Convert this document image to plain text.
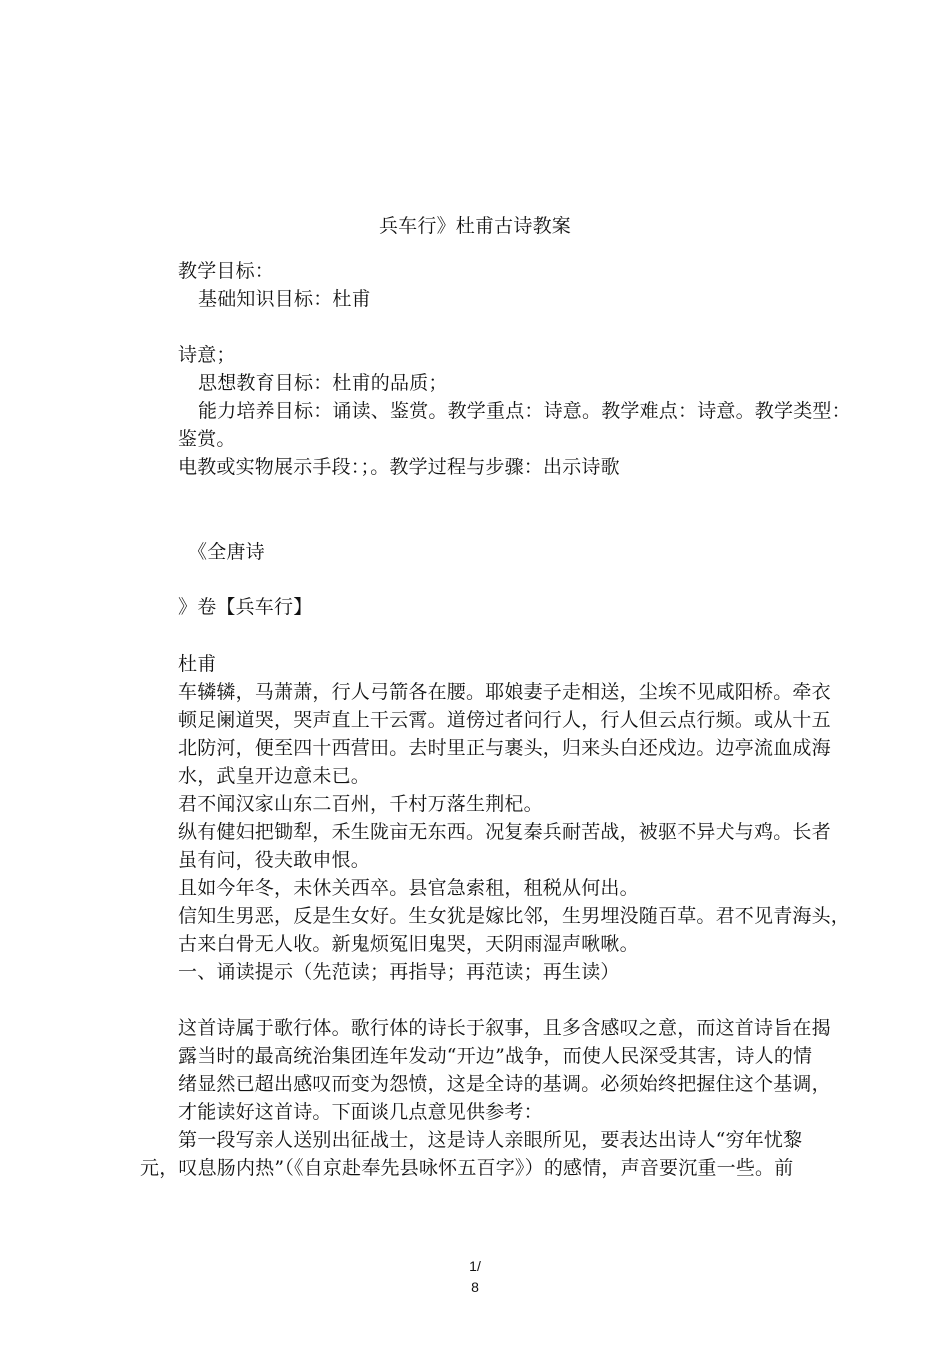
兵车行》杜甫古诗教案
教学目标：
基础知识目标：杜甫
诗意；
思想教育目标：杜甫的品质；
能力培养目标：诵读、鉴赏。教学重点：诗意。教学难点：诗意。教学类型：
鉴赏。
电教或实物展示手段：；。教学过程与步骤：出示诗歌
《全唐诗
》卷【兵车行】
杜甫
车辚辚，马萧萧，行人弓箭各在腰。耶娘妻子走相送，尘埃不见咸阳桥。牵衣
顿足阑道哭，哭声直上干云霄。道傍过者问行人，行人但云点行频。或从十五
北防河，便至四十西营田。去时里正与裹头，归来头白还戍边。边亭流血成海
水，武皇开边意未已。
君不闻汉家山东二百州，千村万落生荆杞。
纵有健妇把锄犁，禾生陇亩无东西。况复秦兵耐苦战，被驱不异犬与鸡。长者
虽有问，役夫敢申恨。
且如今年冬，未休关西卒。县官急索租，租税从何出。
信知生男恶，反是生女好。生女犹是嫁比邻，生男埋没随百草。君不见青海头，
古来白骨无人收。新鬼烦冤旧鬼哭，天阴雨湿声啾啾。
一、诵读提示（先范读；再指导；再范读；再生读）
这首诗属于歌行体。歌行体的诗长于叙事，且多含感叹之意，而这首诗旨在揭
露当时的最高统治集团连年发动“开边”战争，而使人民深受其害，诗人的情
绪显然已超出感叹而变为怨愤，这是全诗的基调。必须始终把握住这个基调，
才能读好这首诗。下面谈几点意见供参考：
第一段写亲人送别出征战士，这是诗人亲眼所见，要表达出诗人“穷年忧黎
元，叹息肠内热”（《自京赴奉先县咏怀五百字》）的感情，声音要沉重一些。前
1/
8
